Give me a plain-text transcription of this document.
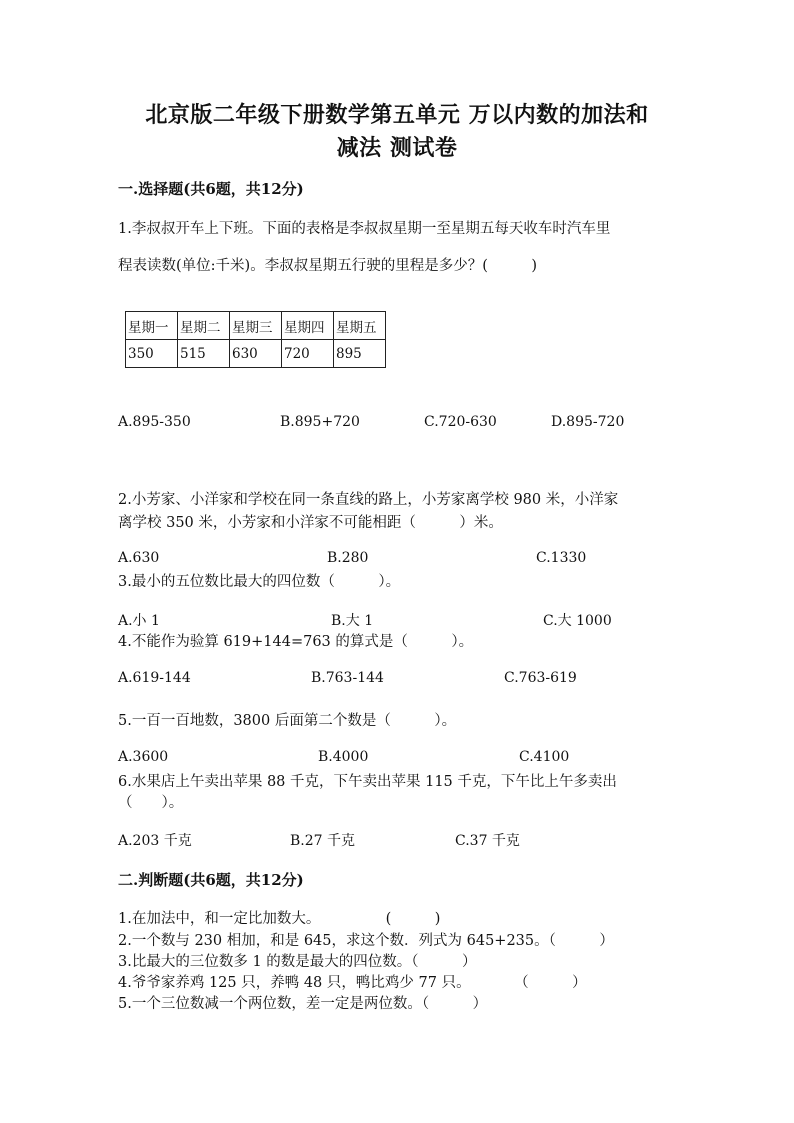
北京版二年级下册数学第五单元 万以内数的加法和
减法 测试卷
一.选择题(共6题，共12分)
1.李叔叔开车上下班。下面的表格是李叔叔星期一至星期五每天收车时汽车里
程表读数(单位:千米)。李叔叔星期五行驶的里程是多少？(　　　)
星期一	星期二	星期三	星期四	星期五
350	515	630	720	895
A.895-350	B.895+720	C.720-630	D.895-720
2.小芳家、小洋家和学校在同一条直线的路上，小芳家离学校 980 米，小洋家
离学校 350 米，小芳家和小洋家不可能相距（　　　）米。
A.630	B.280	C.1330
3.最小的五位数比最大的四位数（　　　）。
A.小 1	B.大 1	C.大 1000
4.不能作为验算 619+144=763 的算式是（　　　）。
A.619-144	B.763-144	C.763-619
5.一百一百地数，3800 后面第二个数是（　　　）。
A.3600	B.4000	C.4100
6.水果店上午卖出苹果 88 千克，下午卖出苹果 115 千克，下午比上午多卖出
（　　）。
A.203 千克	B.27 千克	C.37 千克
二.判断题(共6题，共12分)
1.在加法中，和一定比加数大。　　　　　(　　　)
2.一个数与 230 相加，和是 645，求这个数．列式为 645+235。（　　　）
3.比最大的三位数多 1 的数是最大的四位数。（　　　）
4.爷爷家养鸡 125 只，养鸭 48 只，鸭比鸡少 77 只。　　　　（　　　）
5.一个三位数减一个两位数，差一定是两位数。（　　　）
